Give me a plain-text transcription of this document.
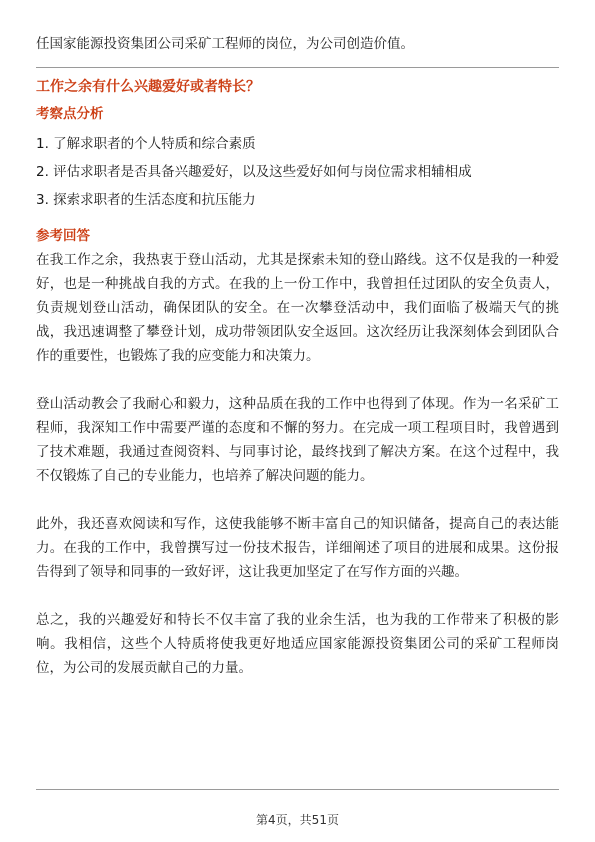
任国家能源投资集团公司采矿工程师的岗位，为公司创造价值。

工作之余有什么兴趣爱好或者特长？
考察点分析
1. 了解求职者的个人特质和综合素质
2. 评估求职者是否具备兴趣爱好，以及这些爱好如何与岗位需求相辅相成
3. 探索求职者的生活态度和抗压能力
参考回答

在我工作之余，我热衷于登山活动，尤其是探索未知的登山路线。这不仅是我的一种爱好，也是一种挑战自我的方式。在我的上一份工作中，我曾担任过团队的安全负责人，负责规划登山活动，确保团队的安全。在一次攀登活动中，我们面临了极端天气的挑战，我迅速调整了攀登计划，成功带领团队安全返回。这次经历让我深刻体会到团队合作的重要性，也锻炼了我的应变能力和决策力。

登山活动教会了我耐心和毅力，这种品质在我的工作中也得到了体现。作为一名采矿工程师，我深知工作中需要严谨的态度和不懈的努力。在完成一项工程项目时，我曾遇到了技术难题，我通过查阅资料、与同事讨论，最终找到了解决方案。在这个过程中，我不仅锻炼了自己的专业能力，也培养了解决问题的能力。

此外，我还喜欢阅读和写作，这使我能够不断丰富自己的知识储备，提高自己的表达能力。在我的工作中，我曾撰写过一份技术报告，详细阐述了项目的进展和成果。这份报告得到了领导和同事的一致好评，这让我更加坚定了在写作方面的兴趣。

总之，我的兴趣爱好和特长不仅丰富了我的业余生活，也为我的工作带来了积极的影响。我相信，这些个人特质将使我更好地适应国家能源投资集团公司的采矿工程师岗位，为公司的发展贡献自己的力量。

第4页，共51页
